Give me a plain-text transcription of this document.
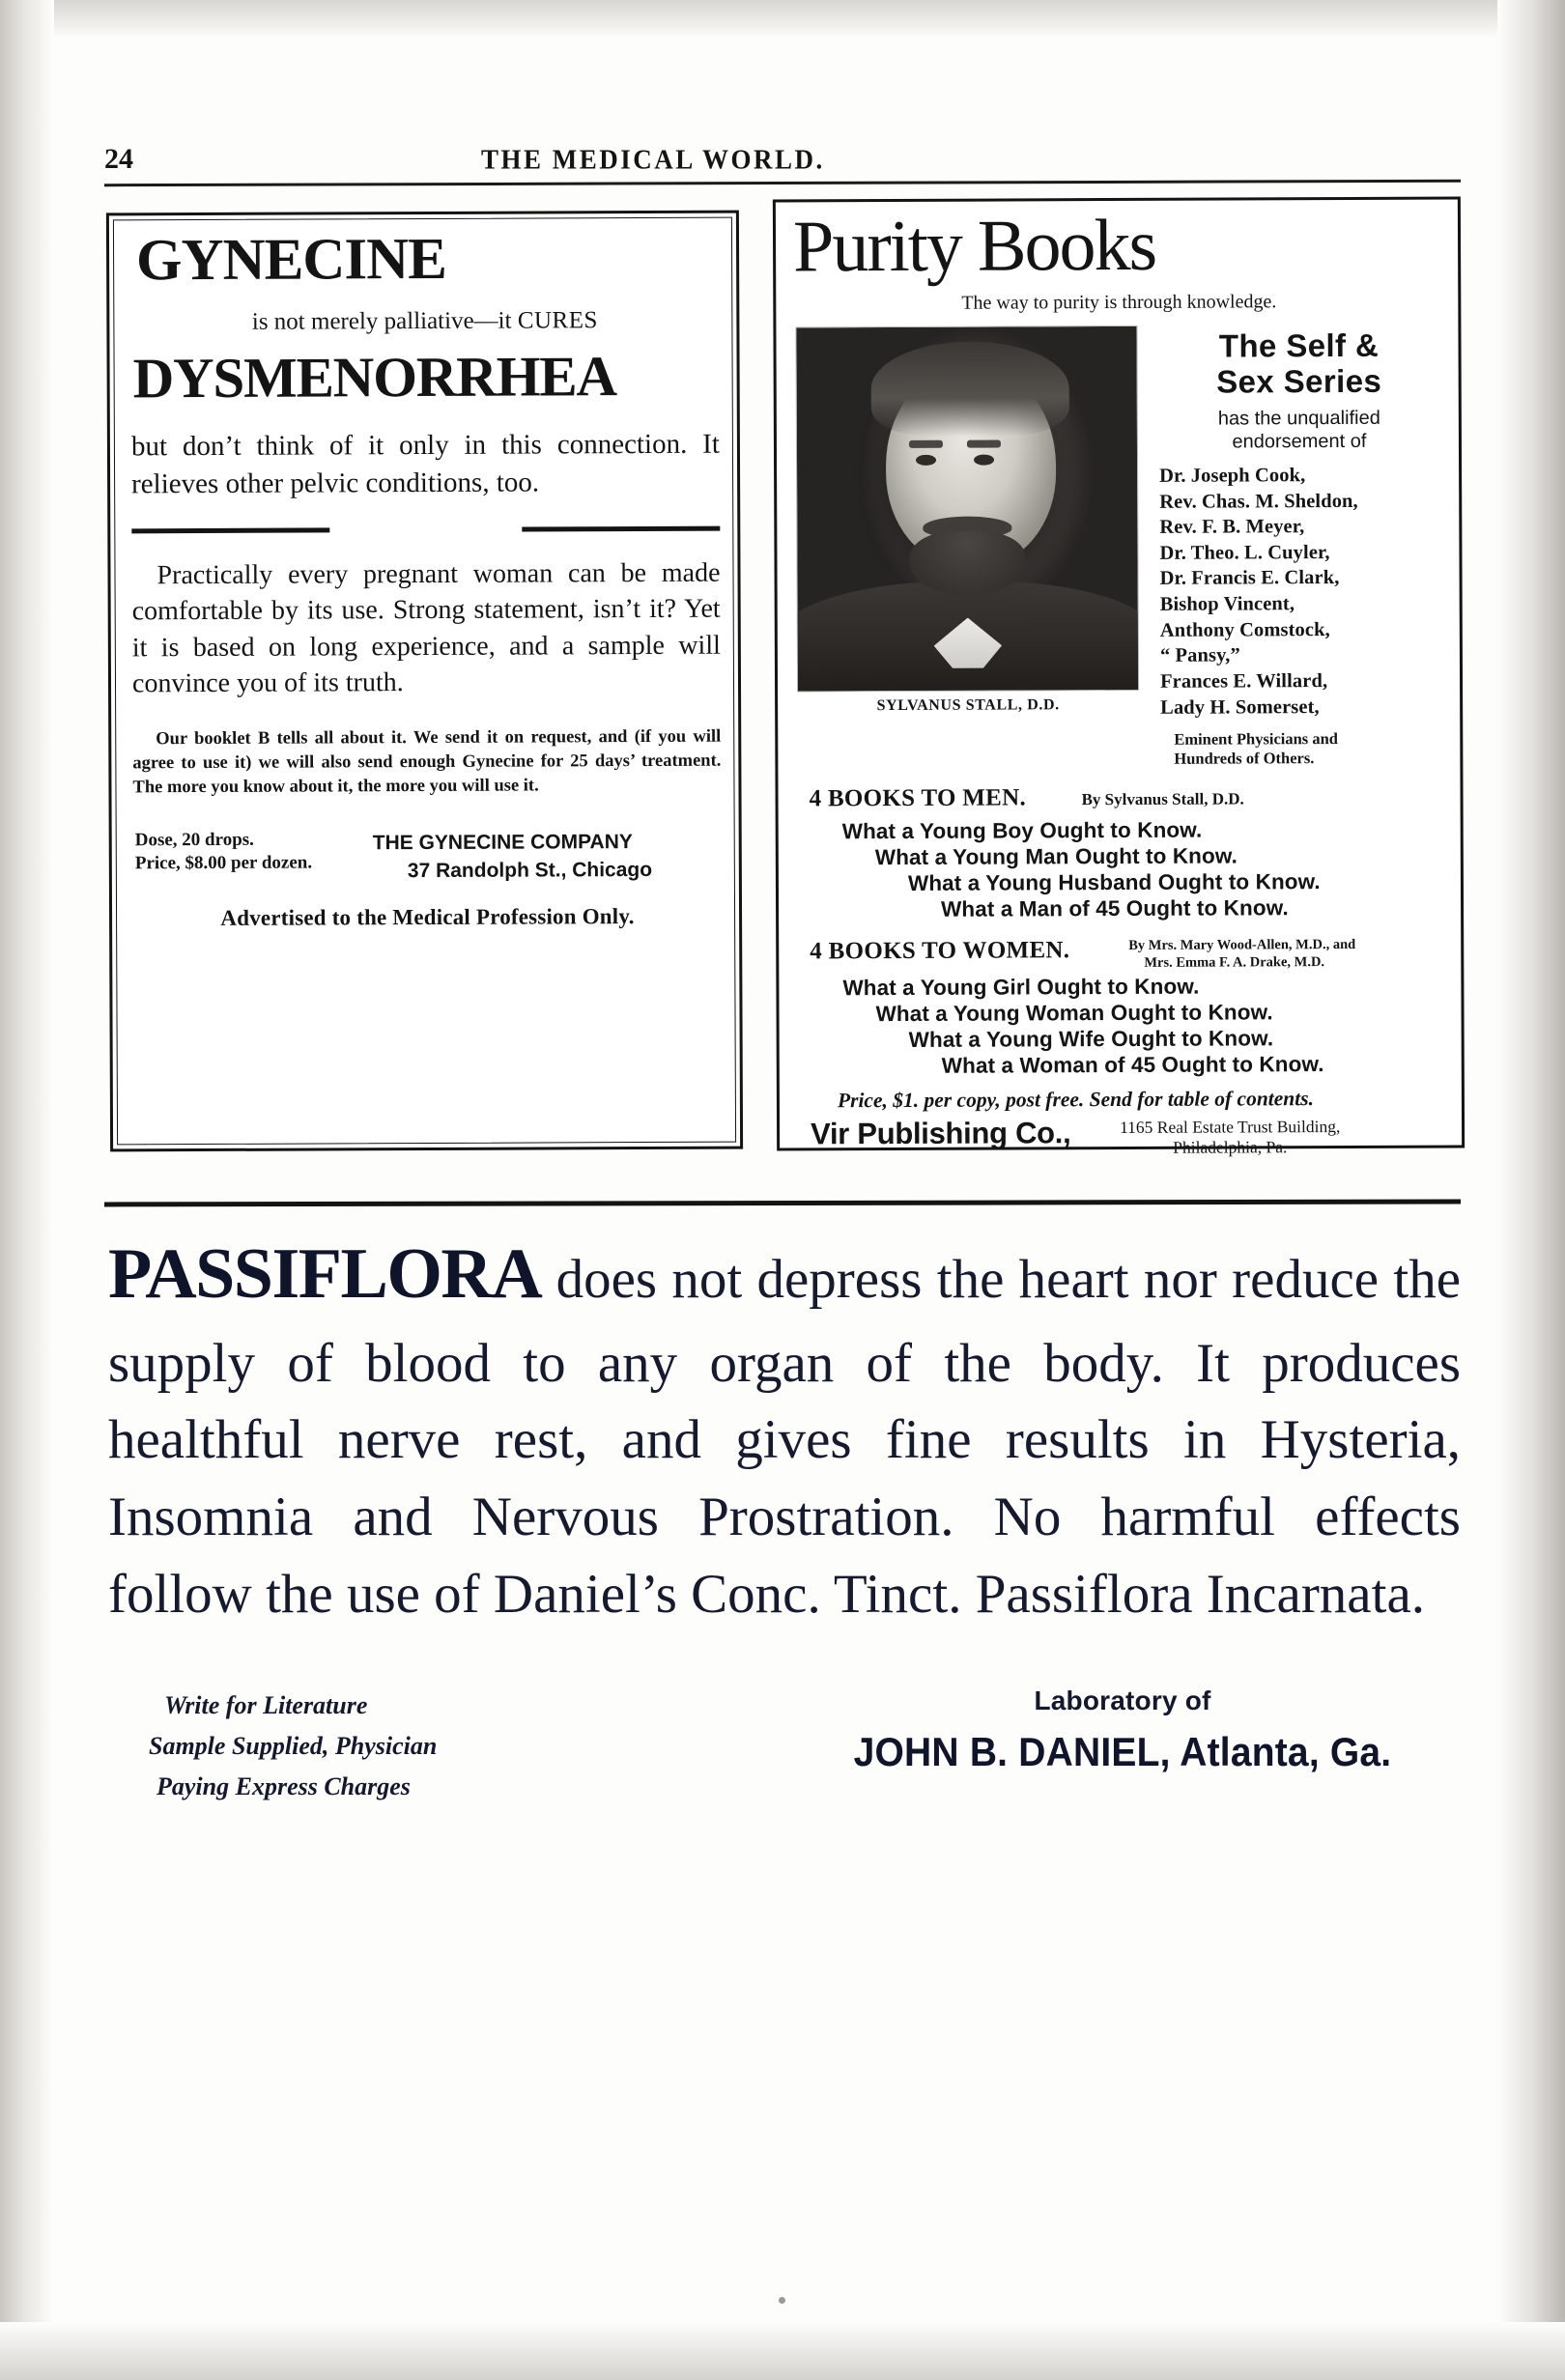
24	THE MEDICAL WORLD.
GYNECINE
is not merely palliative—it CURES
DYSMENORRHEA
but don’t think of it only in this connection. It relieves other pelvic conditions, too.
Practically every pregnant woman can be made comfortable by its use. Strong statement, isn’t it? Yet it is based on long experience, and a sample will convince you of its truth.
Our booklet B tells all about it. We send it on request, and (if you will agree to use it) we will also send enough Gynecine for 25 days’ treatment. The more you know about it, the more you will use it.
Dose, 20 drops.
Price, $8.00 per dozen.
THE GYNECINE COMPANY
37 Randolph St., Chicago
Advertised to the Medical Profession Only.
Purity Books
The way to purity is through knowledge.
SYLVANUS STALL, D.D.
The Self &
Sex Series
has the unqualified
endorsement of
Dr. Joseph Cook,
Rev. Chas. M. Sheldon,
Rev. F. B. Meyer,
Dr. Theo. L. Cuyler,
Dr. Francis E. Clark,
Bishop Vincent,
Anthony Comstock,
“ Pansy,”
Frances E. Willard,
Lady H. Somerset,
Eminent Physicians and
Hundreds of Others.
4 BOOKS TO MEN.	By Sylvanus Stall, D.D.
What a Young Boy Ought to Know.
What a Young Man Ought to Know.
What a Young Husband Ought to Know.
What a Man of 45 Ought to Know.
4 BOOKS TO WOMEN.	By Mrs. Mary Wood-Allen, M.D., and
Mrs. Emma F. A. Drake, M.D.
What a Young Girl Ought to Know.
What a Young Woman Ought to Know.
What a Young Wife Ought to Know.
What a Woman of 45 Ought to Know.
Price, $1. per copy, post free. Send for table of contents.
Vir Publishing Co.,	1165 Real Estate Trust Building,
Philadelphia, Pa.
PASSIFLORA does not depress the heart nor reduce the supply of blood to any organ of the body. It produces healthful nerve rest, and gives fine results in Hysteria, Insomnia and Nervous Prostration. No harmful effects follow the use of Daniel’s Conc. Tinct. Passiflora Incarnata.
Write for Literature
Sample Supplied, Physician
Paying Express Charges
Laboratory of
JOHN B. DANIEL, Atlanta, Ga.
